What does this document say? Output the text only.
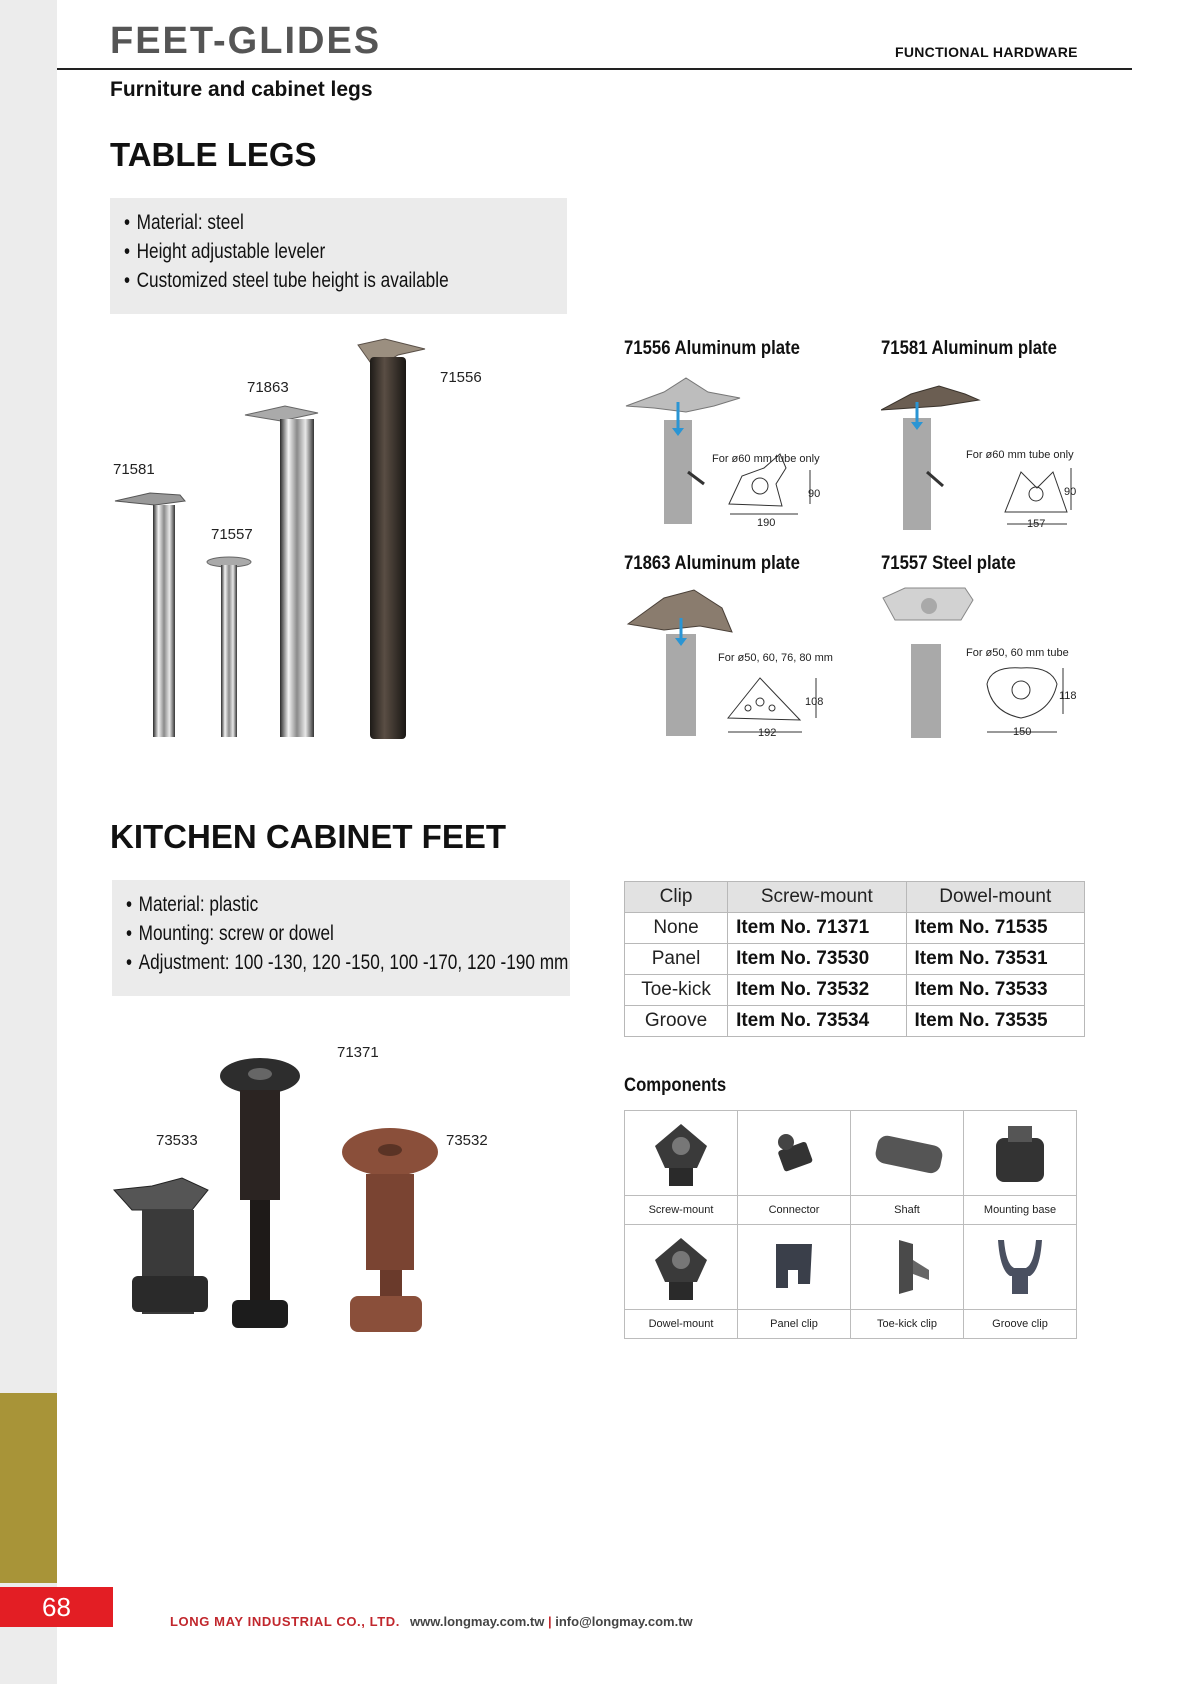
68
FEET-GLIDES	FUNCTIONAL HARDWARE
Furniture and cabinet legs
TABLE LEGS
• Material: steel
• Height adjustable leveler
• Customized steel tube height is available
71581
71557
71863
71556
71556 Aluminum plate	71581 Aluminum plate
71863 Aluminum plate	71557 Steel plate
For ø60 mm tube only
190
90
For ø60 mm tube only
157
90
For ø50, 60, 76, 80 mm
192
108
For ø50, 60 mm tube
150
118
KITCHEN CABINET FEET
• Material: plastic
• Mounting: screw or dowel
• Adjustment: 100 -130, 120 -150, 100 -170, 120 -190 mm
71371
73533	73532
Clip	Screw-mount	Dowel-mount
None	Item No. 71371	Item No. 71535
Panel	Item No. 73530	Item No. 73531
Toe-kick	Item No. 73532	Item No. 73533
Groove	Item No. 73534	Item No. 73535
Components
Screw-mount	Connector	Shaft	Mounting base

Dowel-mount	Panel clip	Toe-kick clip	Groove clip
LONG MAY INDUSTRIAL CO., LTD. www.longmay.com.tw | info@longmay.com.tw
